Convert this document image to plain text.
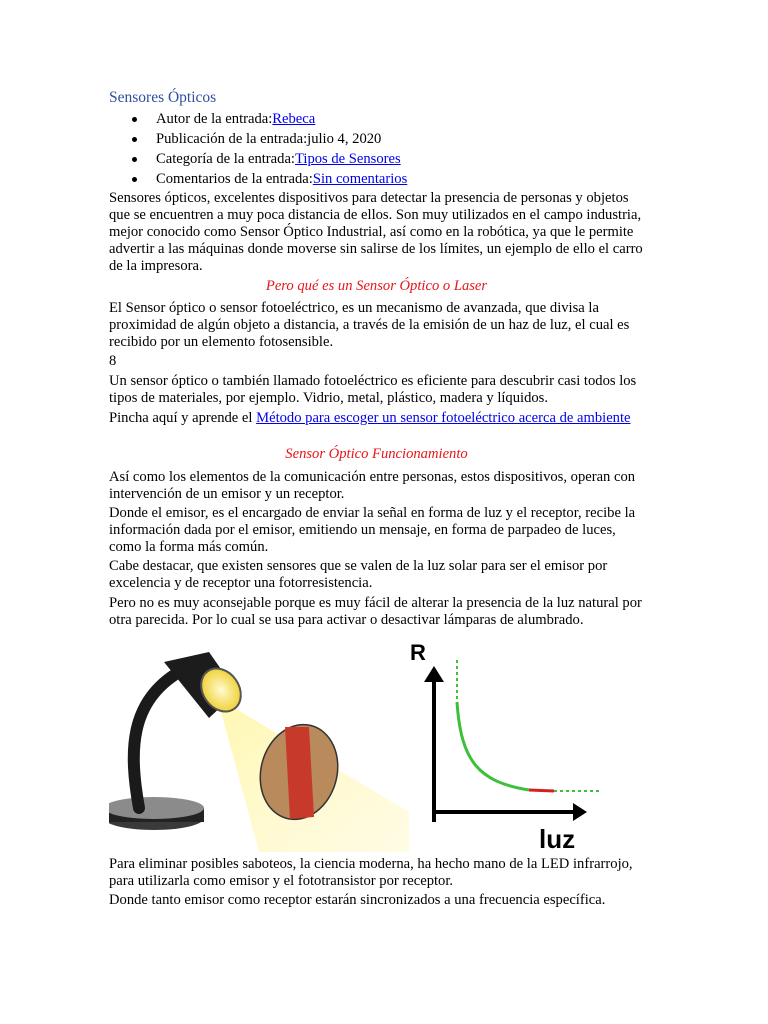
Sensores Ópticos
Autor de la entrada:Rebeca
Publicación de la entrada:julio 4, 2020
Categoría de la entrada:Tipos de Sensores
Comentarios de la entrada:Sin comentarios

Sensores ópticos, excelentes dispositivos para detectar la presencia de personas y objetos que se encuentren a muy poca distancia de ellos. Son muy utilizados en el campo industria, mejor conocido como Sensor Óptico Industrial, así como en la robótica, ya que le permite advertir a las máquinas donde moverse sin salirse de los límites, un ejemplo de ello el carro de la impresora.

Pero qué es un Sensor Óptico o Laser

El Sensor óptico o sensor fotoeléctrico, es un mecanismo de avanzada, que divisa la proximidad de algún objeto a distancia, a través de la emisión de un haz de luz, el cual es recibido por un elemento fotosensible.

8

Un sensor óptico o también llamado fotoeléctrico es eficiente para descubrir casi todos los tipos de materiales, por ejemplo. Vidrio, metal, plástico, madera y líquidos.

Pincha aquí y aprende el Método para escoger un sensor fotoeléctrico acerca de ambiente

Sensor Óptico Funcionamiento

Así como los elementos de la comunicación entre personas, estos dispositivos, operan con intervención de un emisor y un receptor.

Donde el emisor, es el encargado de enviar la señal en forma de luz y el receptor, recibe la información dada por el emisor, emitiendo un mensaje, en forma de parpadeo de luces, como la forma más común.

Cabe destacar, que existen sensores que se valen de la luz solar para ser el emisor por excelencia y de receptor una fotorresistencia.

Pero no es muy aconsejable porque es muy fácil de alterar la presencia de la luz natural por otra parecida. Por lo cual se usa para activar o desactivar lámparas de alumbrado.

R
luz

Para eliminar posibles saboteos, la ciencia moderna, ha hecho mano de la LED infrarrojo, para utilizarla como emisor y el fototransistor por receptor.

Donde tanto emisor como receptor estarán sincronizados a una frecuencia específica.
